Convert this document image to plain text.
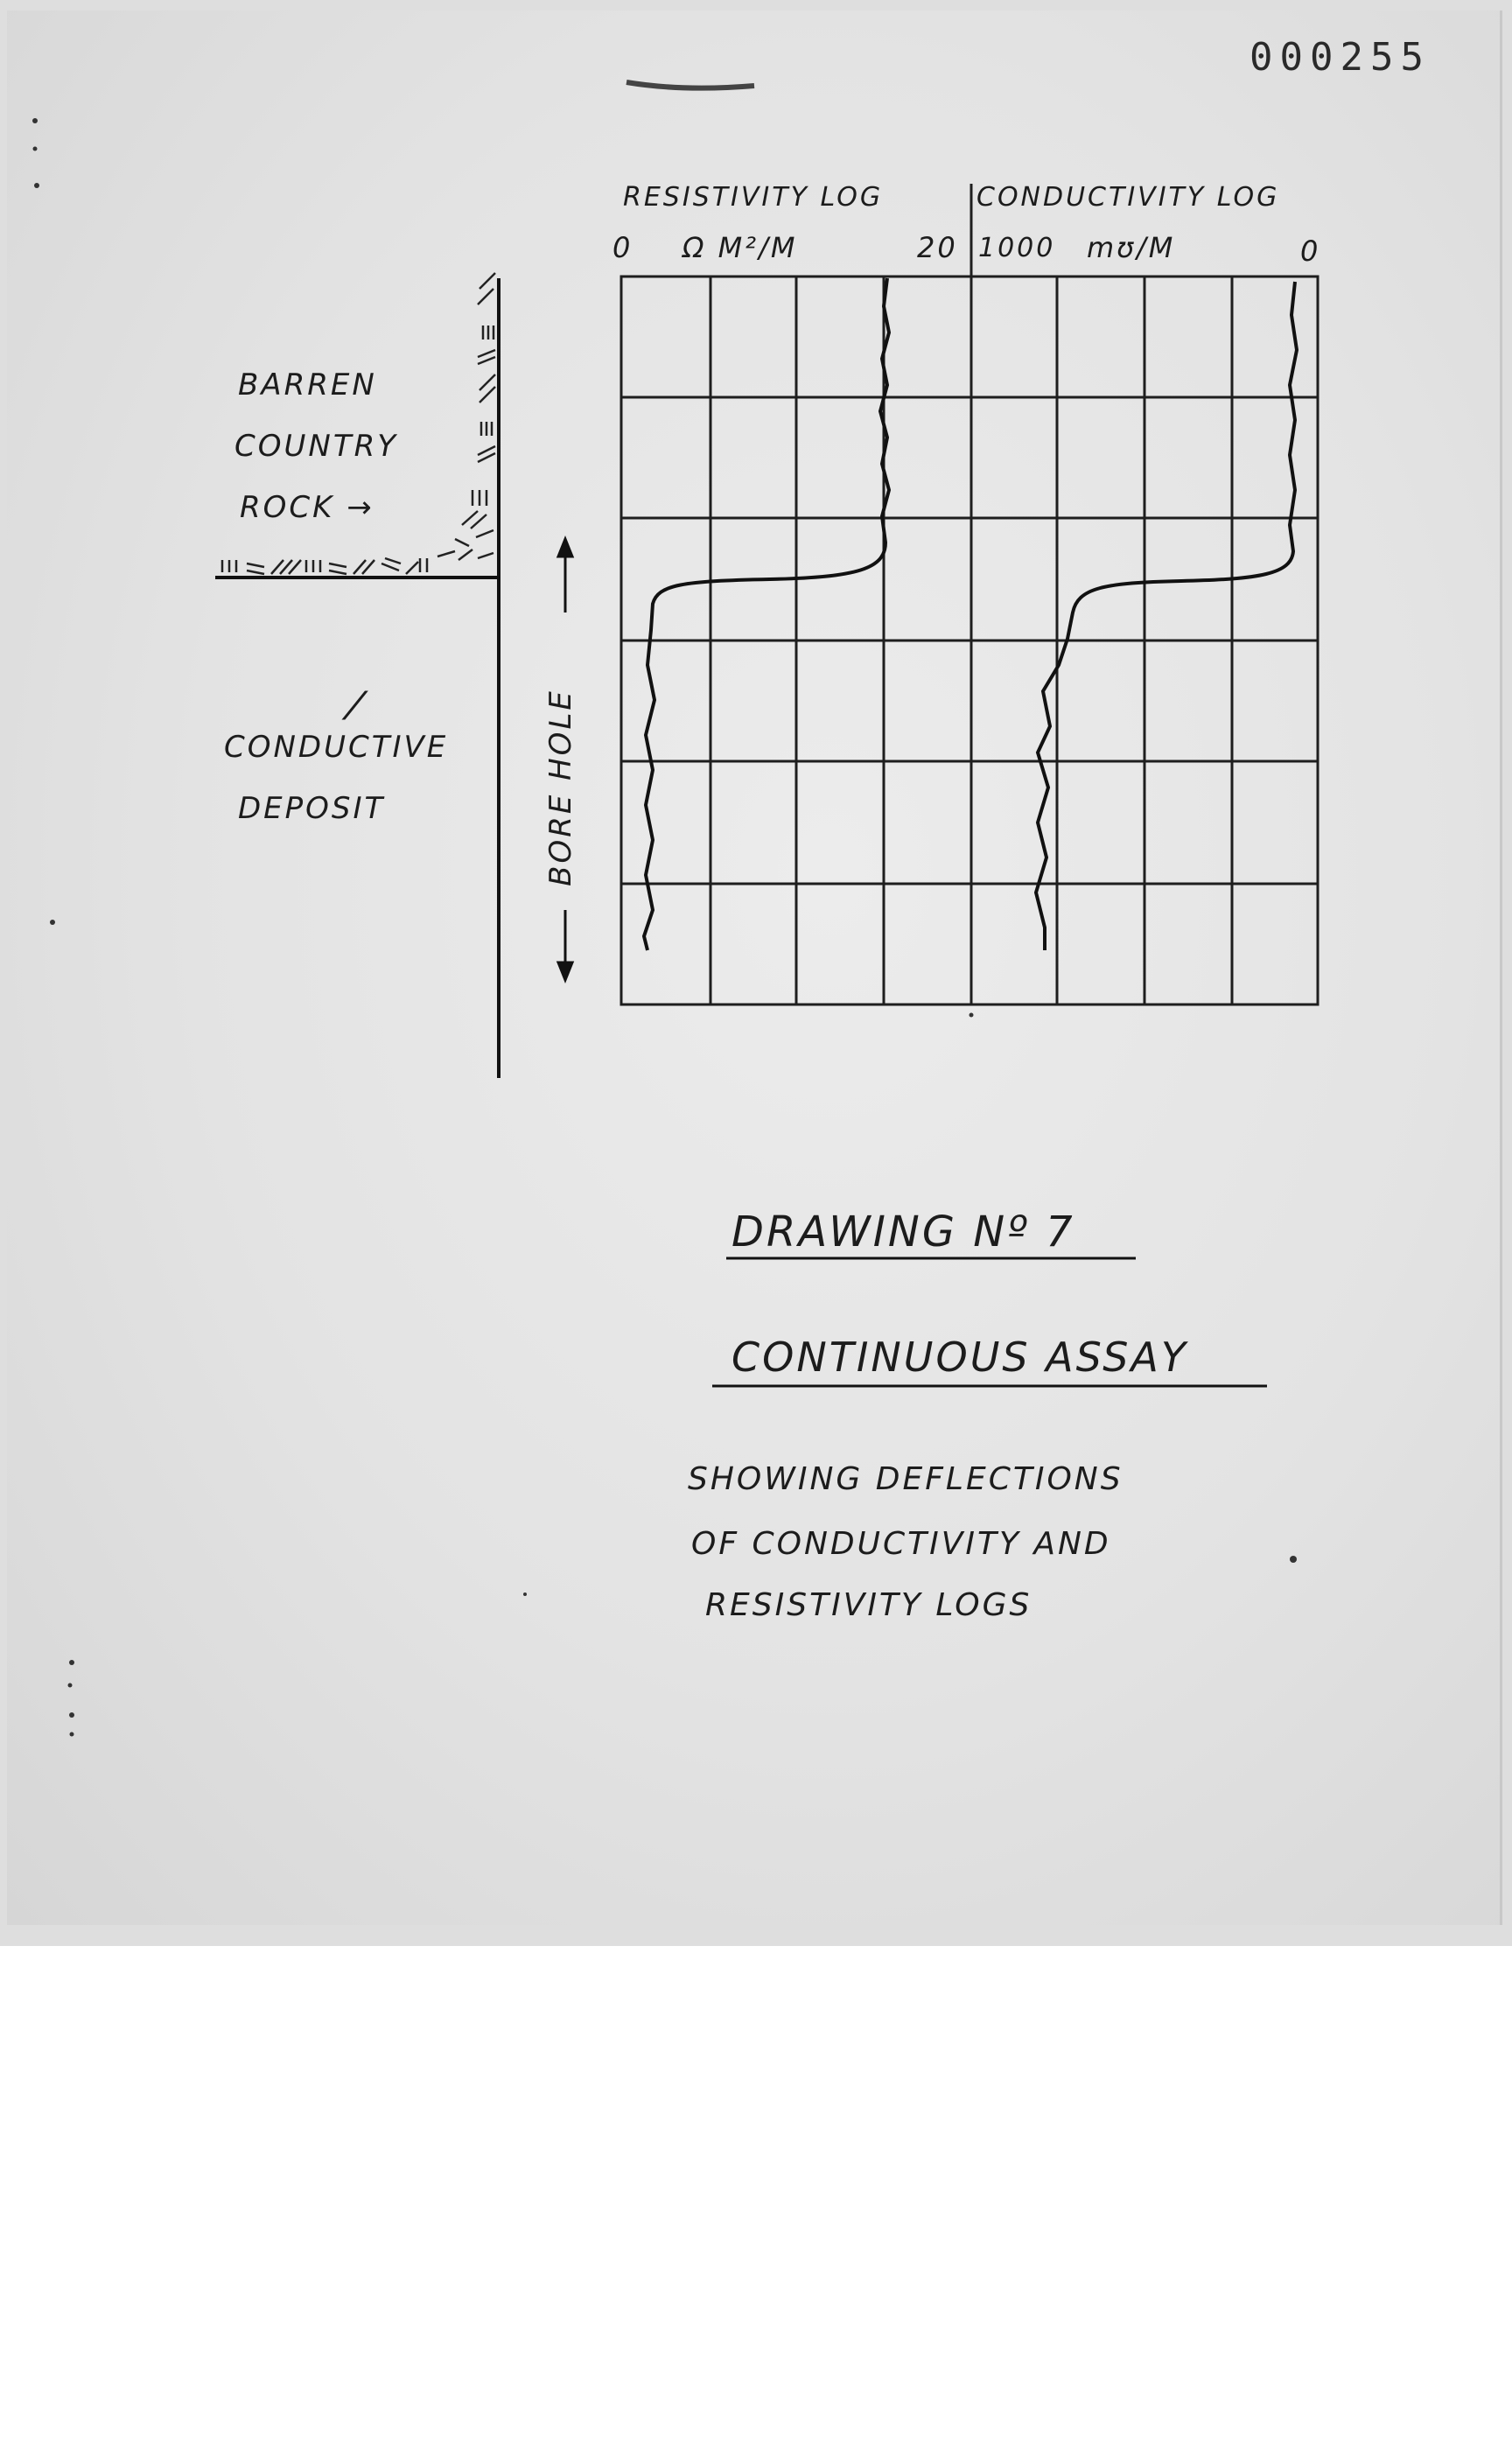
000255
RESISTIVITY LOG	CONDUCTIVITY LOG
0 Ω M²/M	20 1000 mʊ/M	0
BARREN
COUNTRY
ROCK →
⁄
CONDUCTIVE
DEPOSIT	BORE HOLE
DRAWING Nº 7
CONTINUOUS ASSAY
SHOWING DEFLECTIONS
OF CONDUCTIVITY AND
RESISTIVITY LOGS
